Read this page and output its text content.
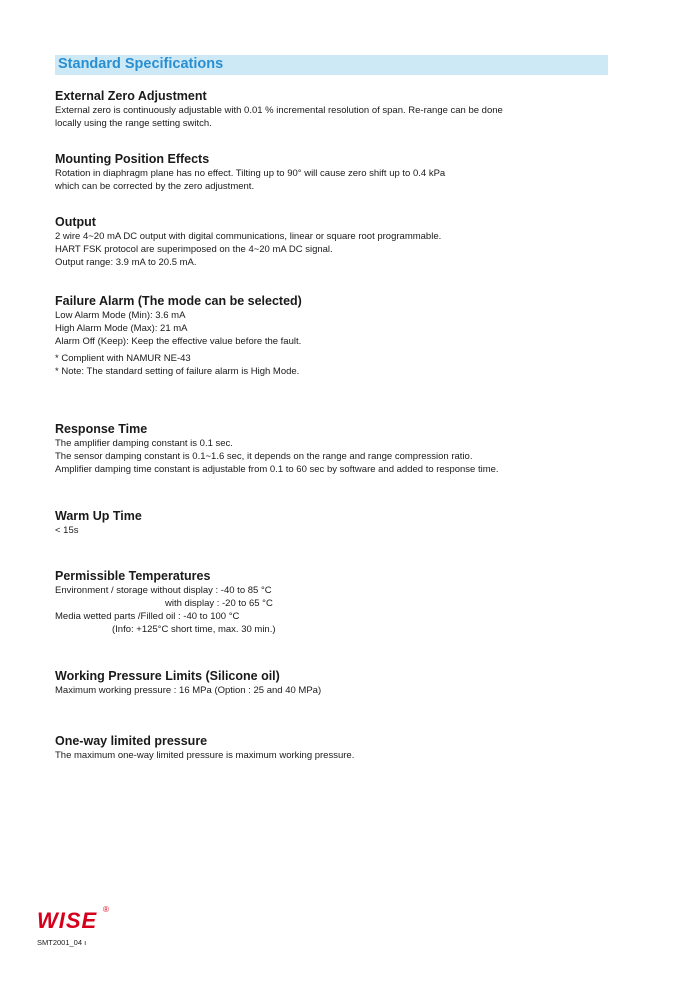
Standard Specifications
External Zero Adjustment
External zero is continuously adjustable with 0.01 % incremental resolution of span. Re-range can be done
locally using the range setting switch.
Mounting Position Effects
Rotation in diaphragm plane has no effect. Tilting up to 90° will cause zero shift up to 0.4 kPa
which can be corrected by the zero adjustment.
Output
2 wire 4~20 mA DC output with digital communications, linear or square root programmable.
HART FSK protocol are superimposed on the 4~20 mA DC signal.
Output range: 3.9 mA to 20.5 mA.
Failure Alarm (The mode can be selected)
Low Alarm Mode (Min): 3.6 mA
High Alarm Mode (Max): 21 mA
Alarm Off (Keep): Keep the effective value before the fault.
* Complient with NAMUR NE-43
* Note: The standard setting of failure alarm is High Mode.
Response Time
The amplifier damping constant is 0.1 sec.
The sensor damping constant is 0.1~1.6 sec, it depends on the range and range compression ratio.
Amplifier damping time constant is adjustable from 0.1 to 60 sec by software and added to response time.
Warm Up Time
< 15s
Permissible Temperatures
Environment / storage without display : -40 to 85 °C
with display : -20 to 65 °C
Media wetted parts /Filled oil : -40 to 100 °C
(Info: +125°C short time, max. 30 min.)
Working Pressure Limits (Silicone oil)
Maximum working pressure : 16 MPa (Option : 25 and 40 MPa)
One-way limited pressure
The maximum one-way limited pressure is maximum working pressure.
WISE ®
SMT2001_04 ı
